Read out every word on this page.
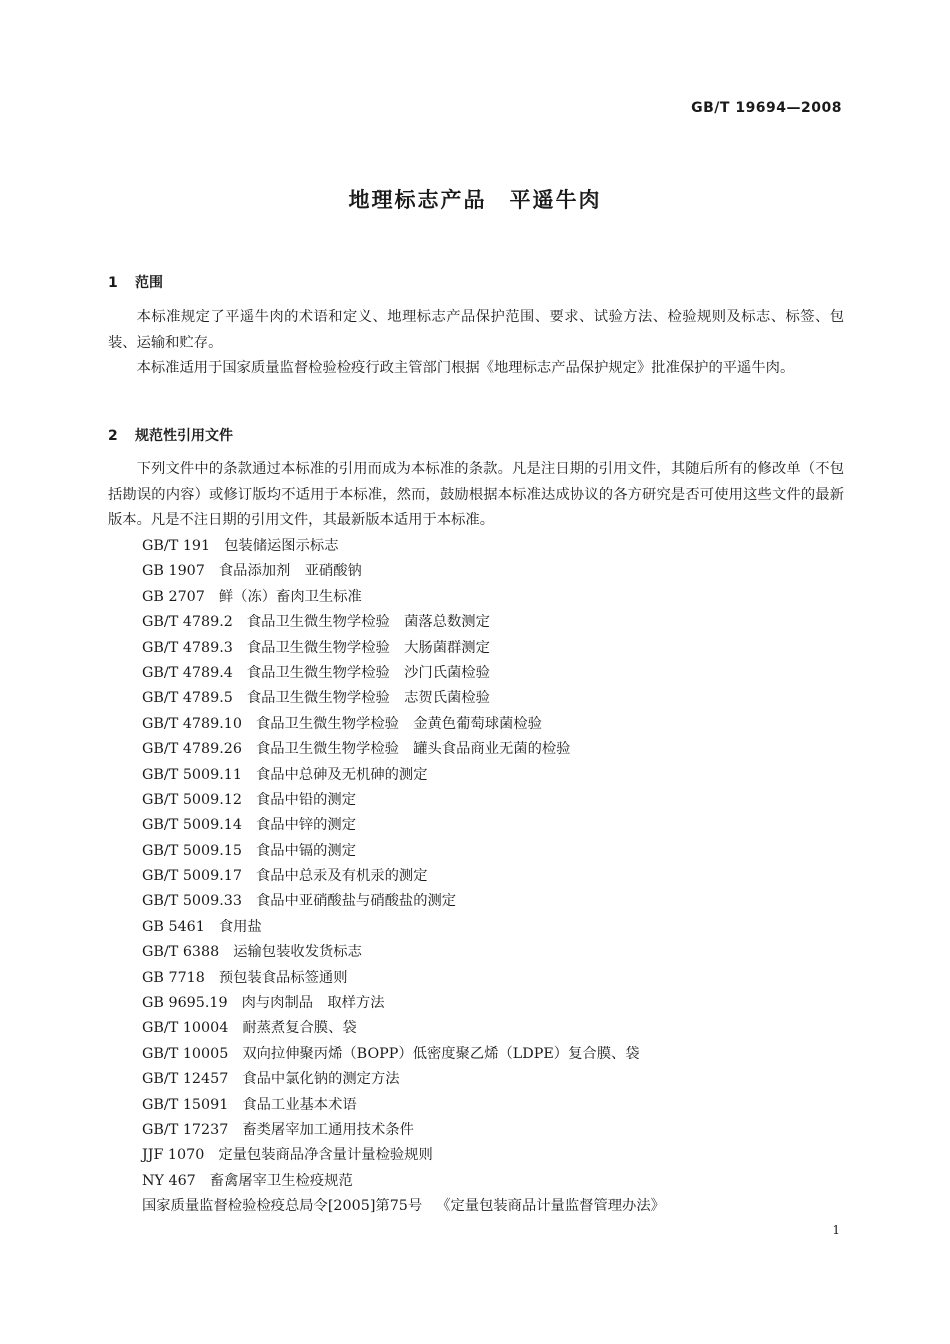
GB/T 19694—2008
地理标志产品　平遥牛肉
1 范围

本标准规定了平遥牛肉的术语和定义、地理标志产品保护范围、要求、试验方法、检验规则及标志、标签、包装、运输和贮存。

本标准适用于国家质量监督检验检疫行政主管部门根据《地理标志产品保护规定》批准保护的平遥牛肉。

2 规范性引用文件

下列文件中的条款通过本标准的引用而成为本标准的条款。凡是注日期的引用文件，其随后所有的修改单（不包括勘误的内容）或修订版均不适用于本标准，然而，鼓励根据本标准达成协议的各方研究是否可使用这些文件的最新版本。凡是不注日期的引用文件，其最新版本适用于本标准。

GB/T 191 包装储运图示标志
GB 1907 食品添加剂　亚硝酸钠
GB 2707 鲜（冻）畜肉卫生标准
GB/T 4789.2 食品卫生微生物学检验　菌落总数测定
GB/T 4789.3 食品卫生微生物学检验　大肠菌群测定
GB/T 4789.4 食品卫生微生物学检验　沙门氏菌检验
GB/T 4789.5 食品卫生微生物学检验　志贺氏菌检验
GB/T 4789.10 食品卫生微生物学检验　金黄色葡萄球菌检验
GB/T 4789.26 食品卫生微生物学检验　罐头食品商业无菌的检验
GB/T 5009.11 食品中总砷及无机砷的测定
GB/T 5009.12 食品中铅的测定
GB/T 5009.14 食品中锌的测定
GB/T 5009.15 食品中镉的测定
GB/T 5009.17 食品中总汞及有机汞的测定
GB/T 5009.33 食品中亚硝酸盐与硝酸盐的测定
GB 5461 食用盐
GB/T 6388 运输包装收发货标志
GB 7718 预包装食品标签通则
GB 9695.19 肉与肉制品　取样方法
GB/T 10004 耐蒸煮复合膜、袋
GB/T 10005 双向拉伸聚丙烯（BOPP）低密度聚乙烯（LDPE）复合膜、袋
GB/T 12457 食品中氯化钠的测定方法
GB/T 15091 食品工业基本术语
GB/T 17237 畜类屠宰加工通用技术条件
JJF 1070 定量包装商品净含量计量检验规则
NY 467 畜禽屠宰卫生检疫规范
国家质量监督检验检疫总局令[2005]第75号 《定量包装商品计量监督管理办法》
1
